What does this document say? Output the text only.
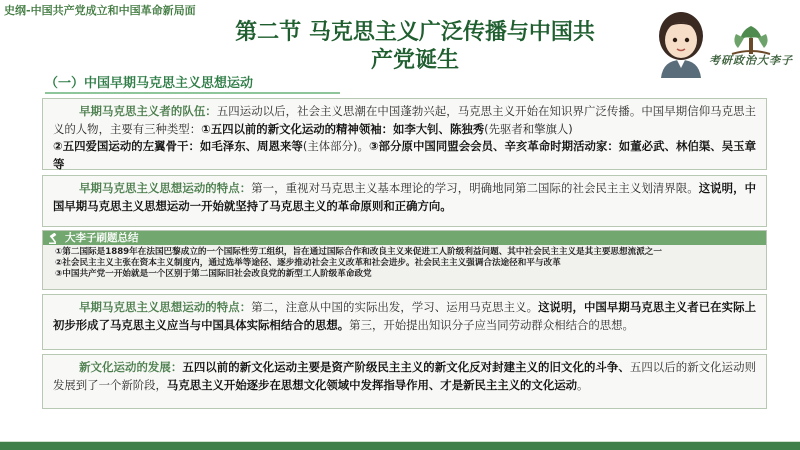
史纲-中国共产党成立和中国革命新局面
第二节 马克思主义广泛传播与中国共
产党诞生	考研政治大李子
（一）中国早期马克思主义思想运动
早期马克思主义者的队伍：五四运动以后，社会主义思潮在中国蓬勃兴起，马克思主义开始在知识界广泛传播。中国早期信仰马克思主义的人物，主要有三种类型：①五四以前的新文化运动的精神领袖：如李大钊、陈独秀(先驱者和擎旗人)
②五四爱国运动的左翼骨干：如毛泽东、周恩来等(主体部分)。③部分原中国同盟会会员、辛亥革命时期活动家：如董必武、林伯渠、吴玉章等
早期马克思主义思想运动的特点：第一，重视对马克思主义基本理论的学习，明确地同第二国际的社会民主主义划清界限。这说明，中国早期马克思主义思想运动一开始就坚持了马克思主义的革命原则和正确方向。
大李子刷题总结
①第二国际是1889年在法国巴黎成立的一个国际性劳工组织，旨在通过国际合作和改良主义来促进工人阶级利益问题、其中社会民主主义是其主要思想流派之一
②社会民主主义主张在资本主义制度内，通过选举等途径、逐步推动社会主义改革和社会进步。社会民主主义强调合法途径和平与改革
③中国共产党一开始就是一个区别于第二国际旧社会改良党的新型工人阶级革命政党
早期马克思主义思想运动的特点：第二，注意从中国的实际出发，学习、运用马克思主义。这说明，中国早期马克思主义者已在实际上初步形成了马克思主义应当与中国具体实际相结合的思想。第三，开始提出知识分子应当同劳动群众相结合的思想。
新文化运动的发展：五四以前的新文化运动主要是资产阶级民主主义的新文化反对封建主义的旧文化的斗争、五四以后的新文化运动则发展到了一个新阶段，马克思主义开始逐步在思想文化领域中发挥指导作用、才是新民主主义的文化运动。
